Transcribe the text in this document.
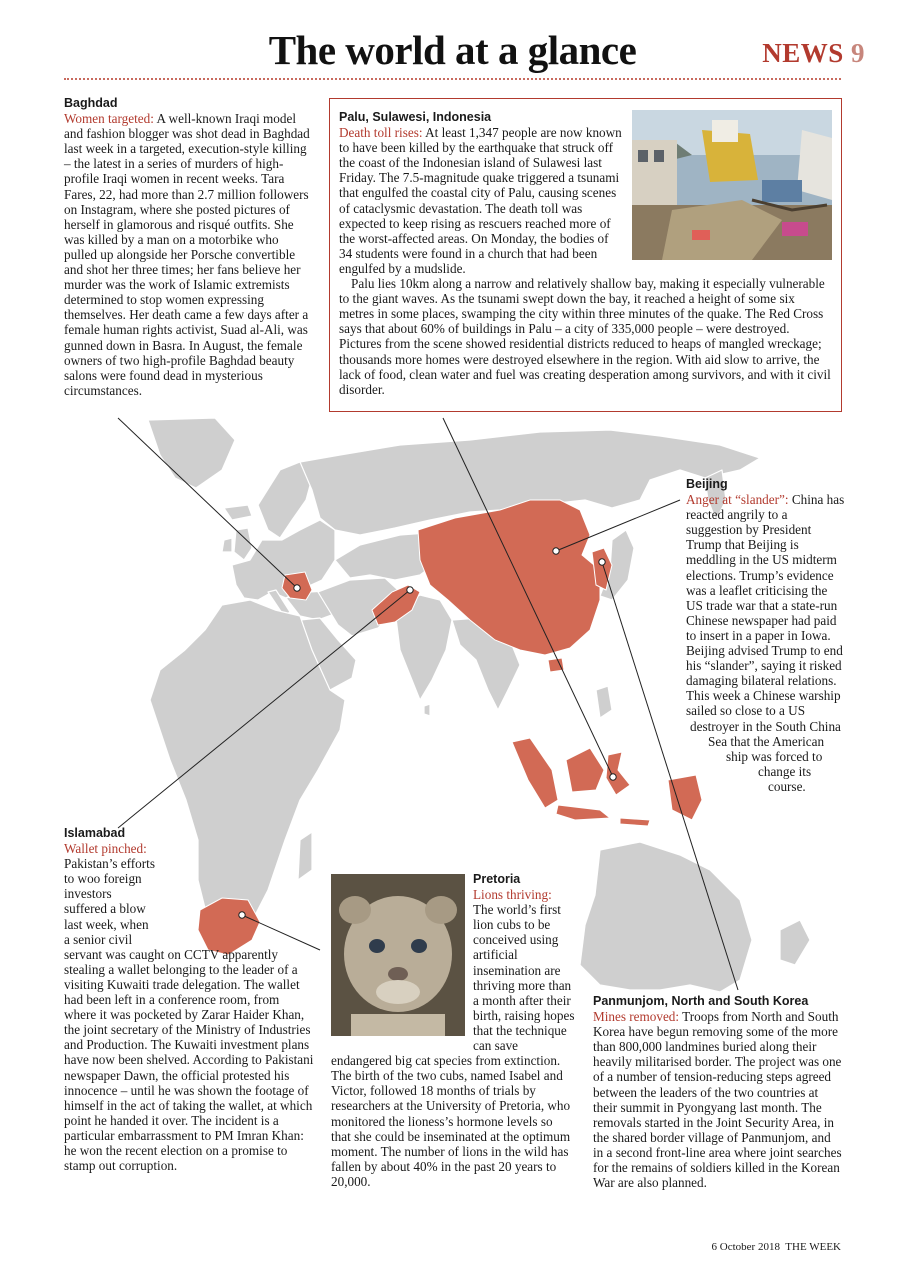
The world at a glance	NEWS 9
Baghdad
Women targeted: A well-known Iraqi model and fashion blogger was shot dead in Baghdad last week in a targeted, execution-style killing – the latest in a series of murders of high-profile Iraqi women in recent weeks. Tara Fares, 22, had more than 2.7 million followers on Instagram, where she posted pictures of herself in glamorous and risqué outfits. She was killed by a man on a motorbike who pulled up alongside her Porsche convertible and shot her three times; her fans believe her murder was the work of Islamic extremists determined to stop women expressing themselves. Her death came a few days after a female human rights activist, Suad al-Ali, was gunned down in Basra. In August, the female owners of two high-profile Baghdad beauty salons were found dead in mysterious circumstances.
Palu, Sulawesi, Indonesia
Death toll rises: At least 1,347 people are now known to have been killed by the earthquake that struck off the coast of the Indonesian island of Sulawesi last Friday. The 7.5-magnitude quake triggered a tsunami that engulfed the coastal city of Palu, causing scenes of cataclysmic devastation. The death toll was expected to keep rising as rescuers reached more of the worst-affected areas. On Monday, the bodies of 34 students were found in a church that had been engulfed by a mudslide.

Palu lies 10km along a narrow and relatively shallow bay, making it especially vulnerable to the giant waves. As the tsunami swept down the bay, it reached a height of some six metres in some places, swamping the city within three minutes of the quake. The Red Cross says that about 60% of buildings in Palu – a city of 335,000 people – were destroyed. Pictures from the scene showed residential districts reduced to heaps of mangled wreckage; thousands more homes were destroyed elsewhere in the region. With aid slow to arrive, the lack of food, clean water and fuel was creating desperation among survivors, and with it civil disorder.

Beijing
Anger at “slander”: China has reacted angrily to a suggestion by President Trump that Beijing is meddling in the US midterm elections. Trump’s evidence was a leaflet criticising the US trade war that a state-run Chinese newspaper had paid to insert in a paper in Iowa. Beijing advised Trump to end his “slander”, saying it risked damaging bilateral relations. This week a Chinese warship sailed so close to a US destroyer in the South China Sea that the American ship was forced to change its course.
Islamabad
Wallet pinched: Pakistan’s efforts to woo foreign investors suffered a blow last week, when a senior civil servant was caught on CCTV apparently stealing a wallet belonging to the leader of a visiting Kuwaiti trade delegation. The wallet had been left in a conference room, from where it was pocketed by Zarar Haider Khan, the joint secretary of the Ministry of Industries and Production. The Kuwaiti investment plans have now been shelved. According to Pakistani newspaper Dawn, the official protested his innocence – until he was shown the footage of himself in the act of taking the wallet, at which point he handed it over. The incident is a particular embarrassment to PM Imran Khan: he won the recent election on a promise to stamp out corruption.
Pretoria
Lions thriving: The world’s first lion cubs to be conceived using artificial insemination are thriving more than a month after their birth, raising hopes that the technique can save endangered big cat species from extinction. The birth of the two cubs, named Isabel and Victor, followed 18 months of trials by researchers at the University of Pretoria, who monitored the lioness’s hormone levels so that she could be inseminated at the optimum moment. The number of lions in the wild has fallen by about 40% in the past 20 years to 20,000.
Panmunjom, North and South Korea
Mines removed: Troops from North and South Korea have begun removing some of the more than 800,000 landmines buried along their heavily militarised border. The project was one of a number of tension-reducing steps agreed between the leaders of the two countries at their summit in Pyongyang last month. The removals started in the Joint Security Area, in the shared border village of Panmunjom, and in a second front-line area where joint searches for the remains of soldiers killed in the Korean War are also planned.
6 October 2018 THE WEEK
